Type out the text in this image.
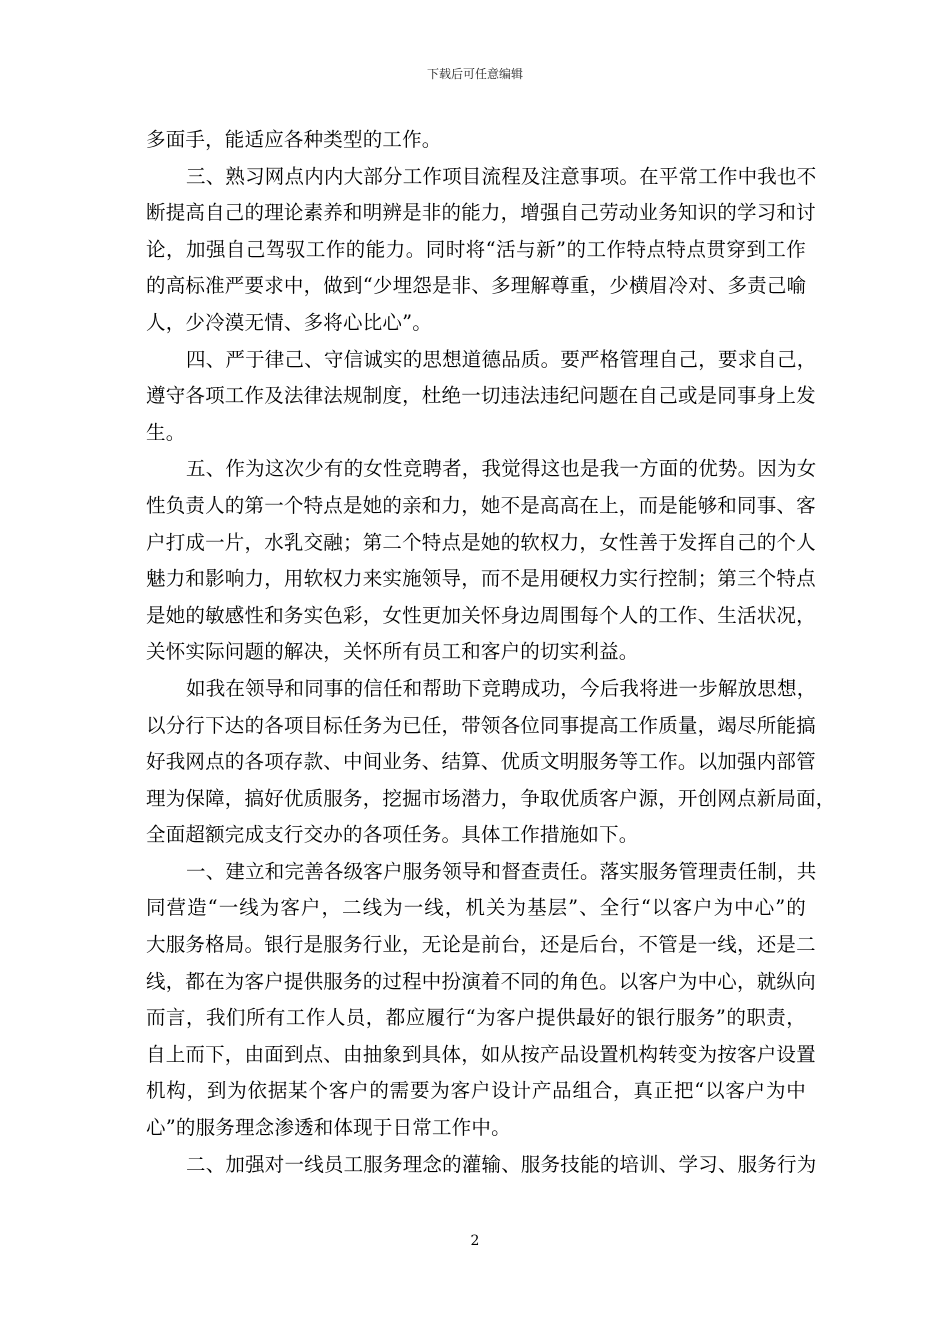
下载后可任意编辑
多面手，能适应各种类型的工作。
三、熟习网点内内大部分工作项目流程及注意事项。在平常工作中我也不
断提高自己的理论素养和明辨是非的能力，增强自己劳动业务知识的学习和讨
论，加强自己驾驭工作的能力。同时将“活与新”的工作特点特点贯穿到工作
的高标准严要求中，做到“少埋怨是非、多理解尊重，少横眉冷对、多责己喻
人，少冷漠无情、多将心比心”。
四、严于律己、守信诚实的思想道德品质。要严格管理自己，要求自己，
遵守各项工作及法律法规制度，杜绝一切违法违纪问题在自己或是同事身上发
生。
五、作为这次少有的女性竞聘者，我觉得这也是我一方面的优势。因为女
性负责人的第一个特点是她的亲和力，她不是高高在上，而是能够和同事、客
户打成一片，水乳交融；第二个特点是她的软权力，女性善于发挥自己的个人
魅力和影响力，用软权力来实施领导，而不是用硬权力实行控制；第三个特点
是她的敏感性和务实色彩，女性更加关怀身边周围每个人的工作、生活状况，
关怀实际问题的解决，关怀所有员工和客户的切实利益。
如我在领导和同事的信任和帮助下竞聘成功，今后我将进一步解放思想，
以分行下达的各项目标任务为已任，带领各位同事提高工作质量，竭尽所能搞
好我网点的各项存款、中间业务、结算、优质文明服务等工作。以加强内部管
理为保障，搞好优质服务，挖掘市场潜力，争取优质客户源，开创网点新局面，
全面超额完成支行交办的各项任务。具体工作措施如下。
一、建立和完善各级客户服务领导和督查责任。落实服务管理责任制，共
同营造“一线为客户，二线为一线，机关为基层”、全行“以客户为中心”的
大服务格局。银行是服务行业，无论是前台，还是后台，不管是一线，还是二
线，都在为客户提供服务的过程中扮演着不同的角色。以客户为中心，就纵向
而言，我们所有工作人员，都应履行“为客户提供最好的银行服务”的职责，
自上而下，由面到点、由抽象到具体，如从按产品设置机构转变为按客户设置
机构，到为依据某个客户的需要为客户设计产品组合，真正把“以客户为中
心”的服务理念渗透和体现于日常工作中。
二、加强对一线员工服务理念的灌输、服务技能的培训、学习、服务行为
2
